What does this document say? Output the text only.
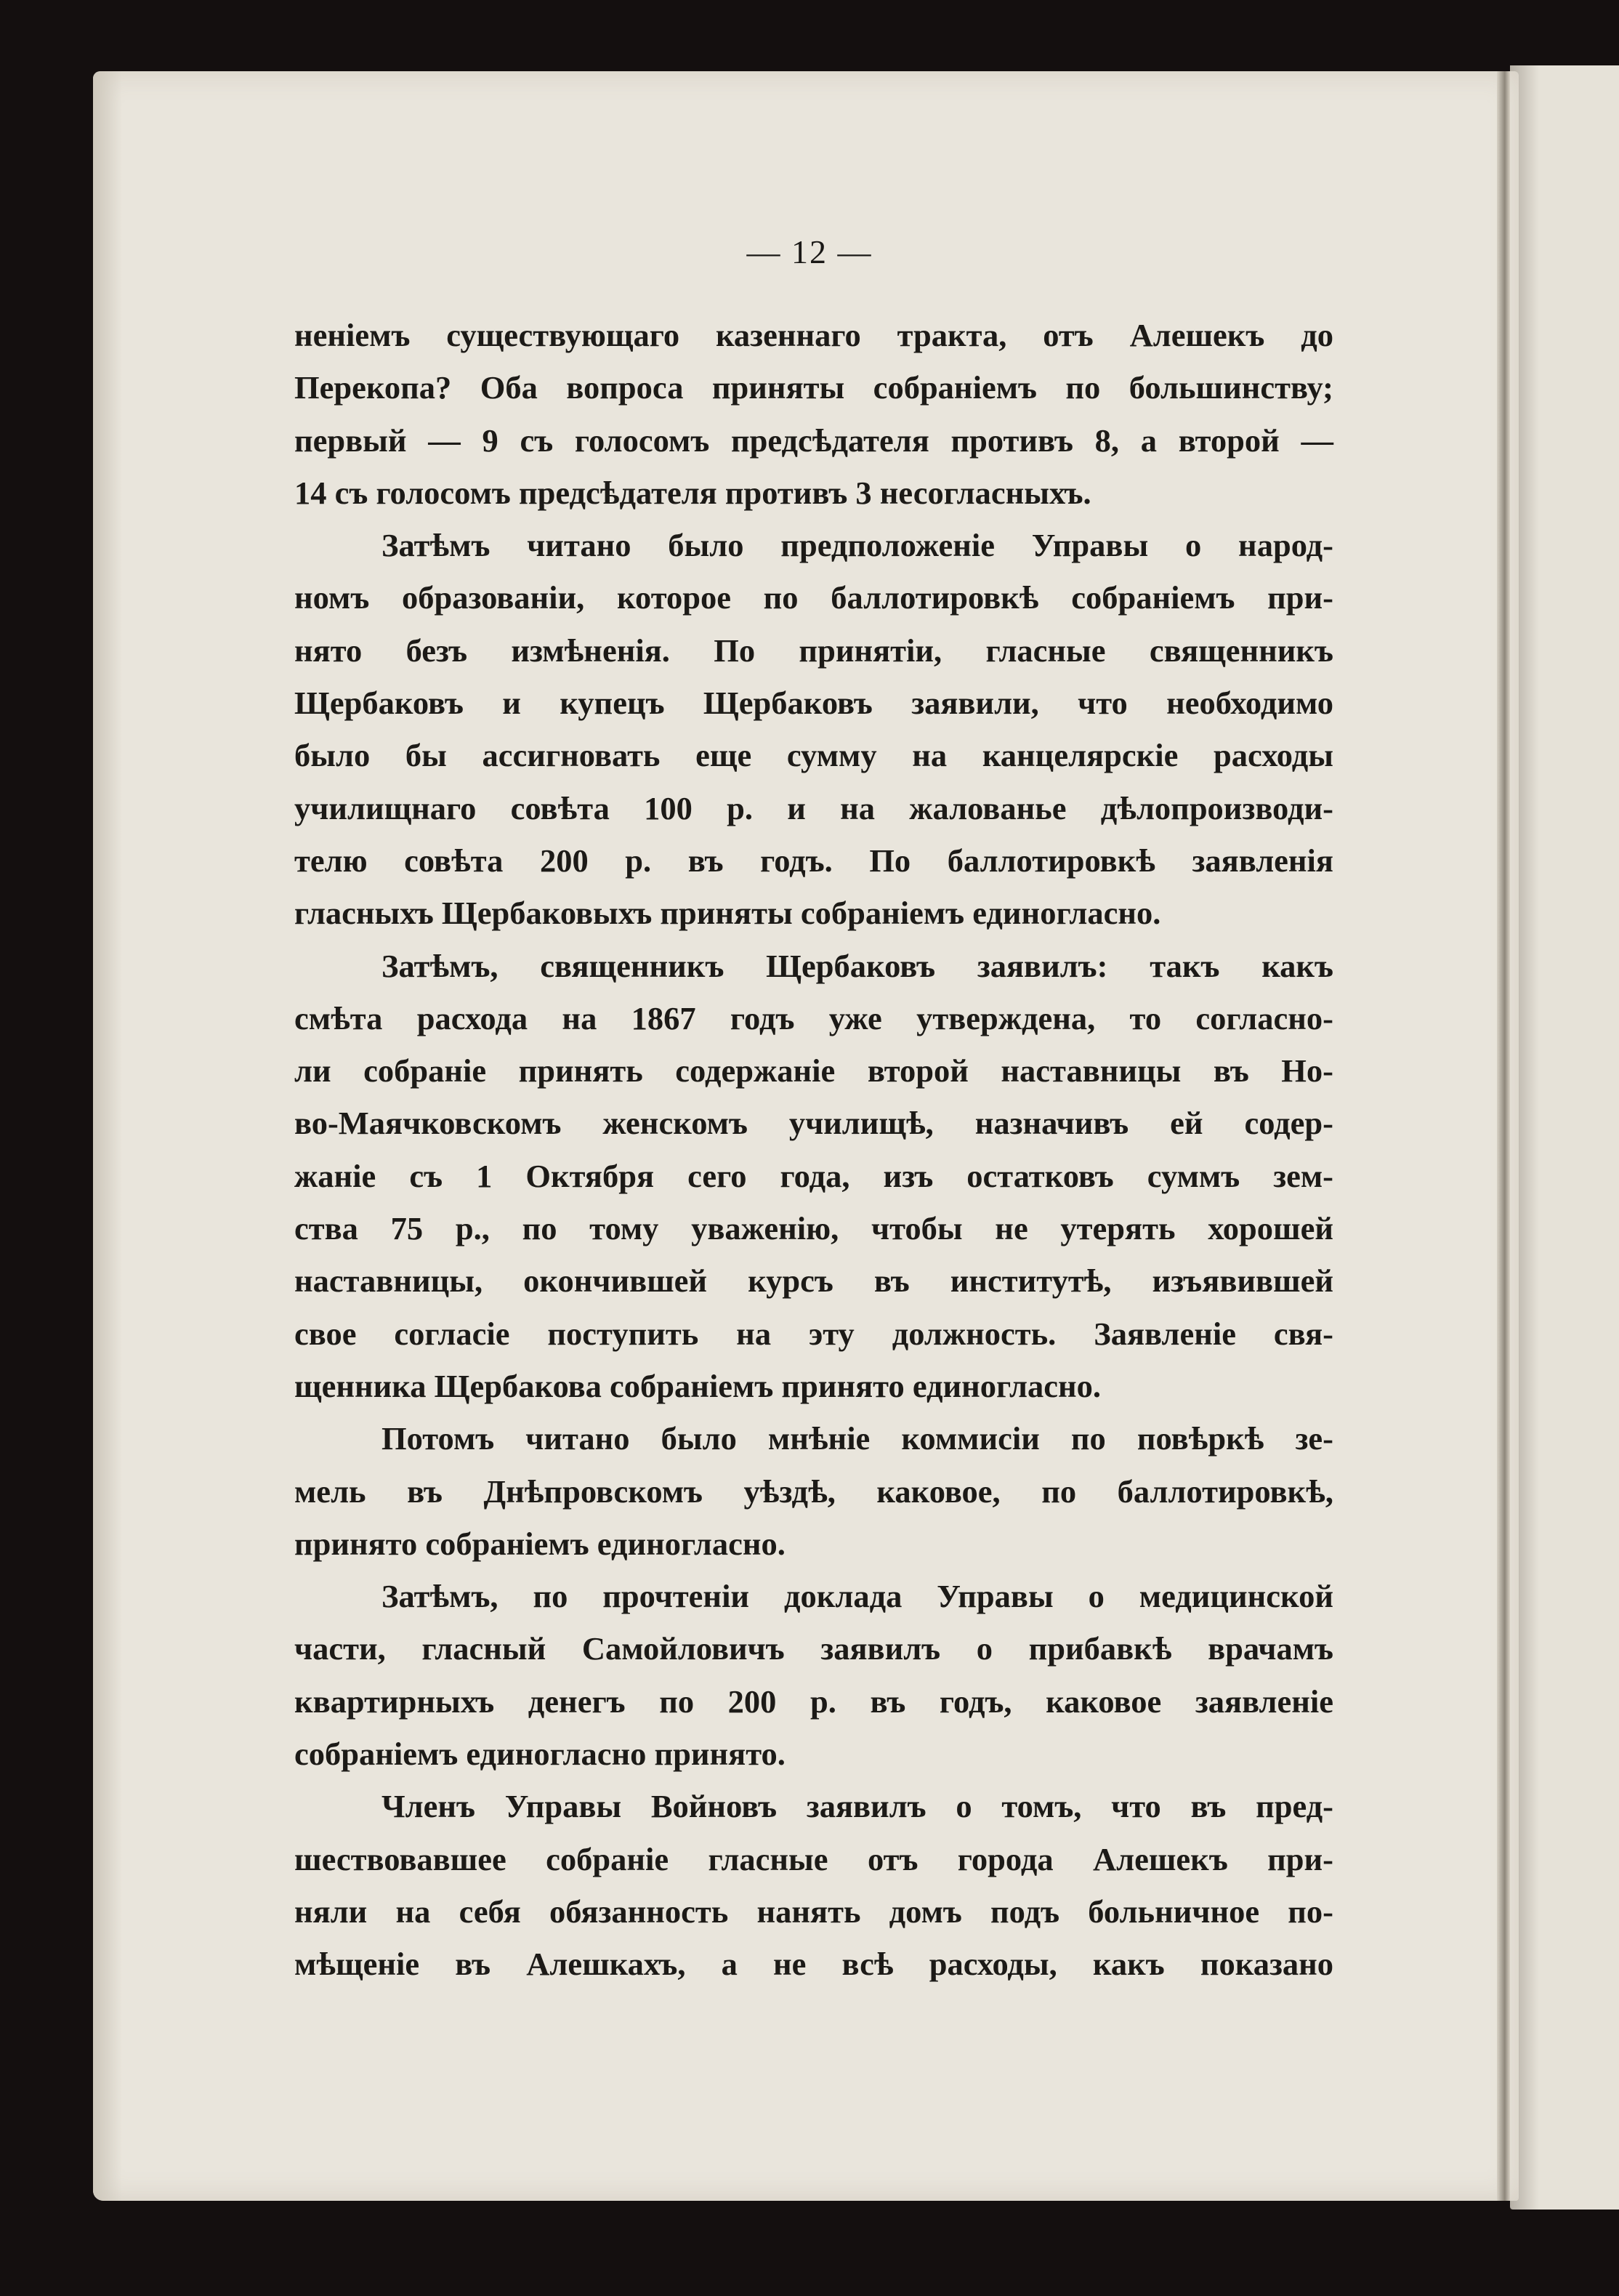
— 12 —
неніемъ существующаго казеннаго тракта, отъ Алешекъ до
Перекопа? Оба вопроса приняты собраніемъ по большинству;
первый — 9 съ голосомъ предсѣдателя противъ 8, а второй —
14 съ голосомъ предсѣдателя противъ 3 несогласныхъ.
Затѣмъ читано было предположеніе Управы о народ-
номъ образованіи, которое по баллотировкѣ собраніемъ при-
нято безъ измѣненія. По принятіи, гласные священникъ
Щербаковъ и купецъ Щербаковъ заявили, что необходимо
было бы ассигновать еще сумму на канцелярскіе расходы
училищнаго совѣта 100 р. и на жалованье дѣлопроизводи-
телю совѣта 200 р. въ годъ. По баллотировкѣ заявленія
гласныхъ Щербаковыхъ приняты собраніемъ единогласно.
Затѣмъ, священникъ Щербаковъ заявилъ: такъ какъ
смѣта расхода на 1867 годъ уже утверждена, то согласно-
ли собраніе принять содержаніе второй наставницы въ Но-
во-Маячковскомъ женскомъ училищѣ, назначивъ ей содер-
жаніе съ 1 Октября сего года, изъ остатковъ суммъ зем-
ства 75 р., по тому уваженію, чтобы не утерять хорошей
наставницы, окончившей курсъ въ институтѣ, изъявившей
свое согласіе поступить на эту должность. Заявленіе свя-
щенника Щербакова собраніемъ принято единогласно.
Потомъ читано было мнѣніе коммисіи по повѣркѣ зе-
мель въ Днѣпровскомъ уѣздѣ, каковое, по баллотировкѣ,
принято собраніемъ единогласно.
Затѣмъ, по прочтеніи доклада Управы о медицинской
части, гласный Самойловичъ заявилъ о прибавкѣ врачамъ
квартирныхъ денегъ по 200 р. въ годъ, каковое заявленіе
собраніемъ единогласно принято.
Членъ Управы Войновъ заявилъ о томъ, что въ пред-
шествовавшее собраніе гласные отъ города Алешекъ при-
няли на себя обязанность нанять домъ подъ больничное по-
мѣщеніе въ Алешкахъ, а не всѣ расходы, какъ показано
